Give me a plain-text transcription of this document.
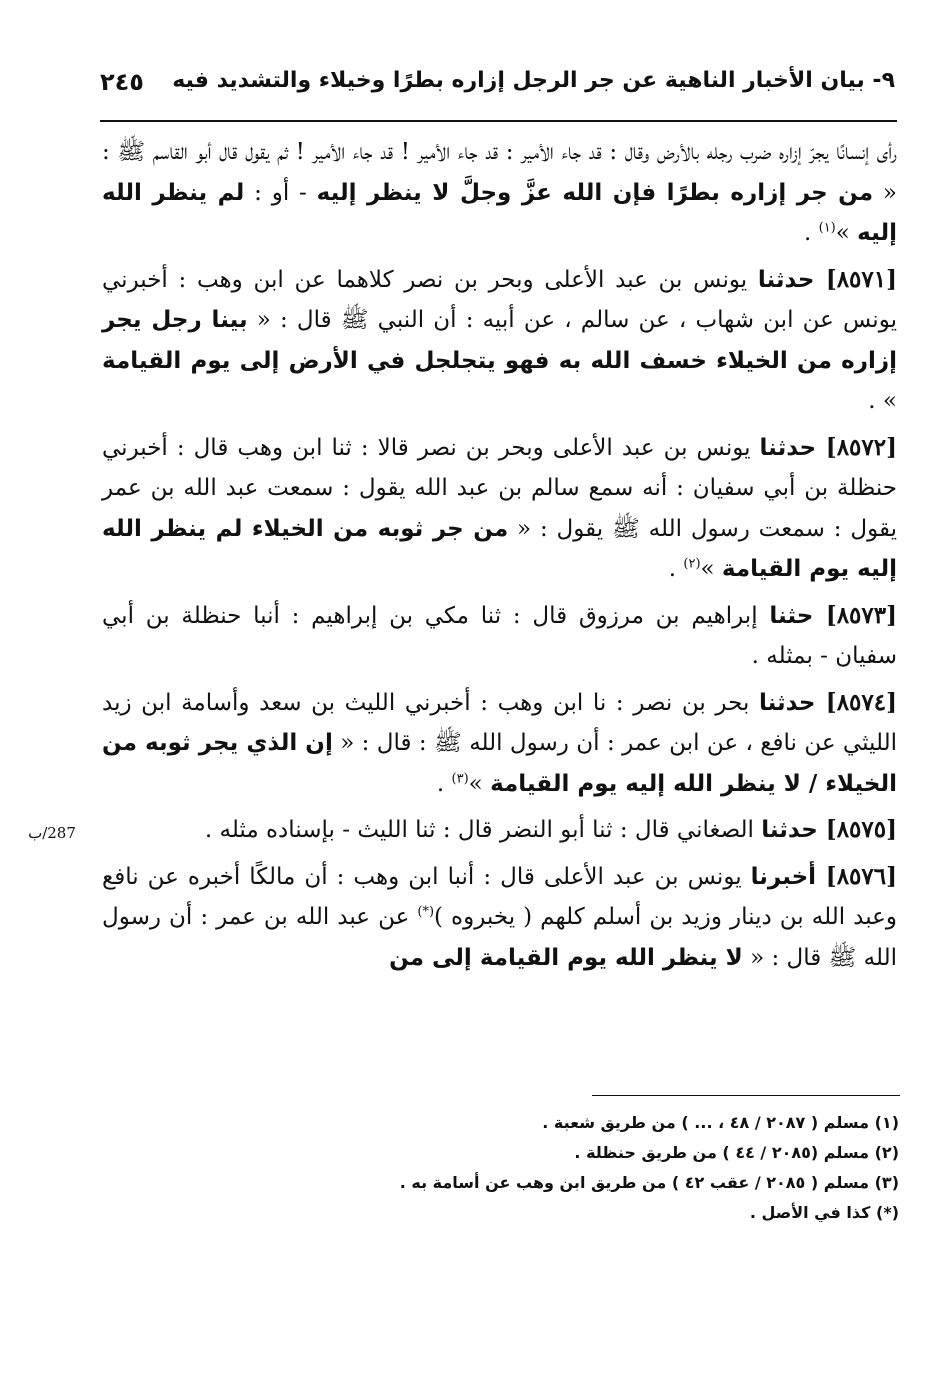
٩- بيان الأخبار الناهية عن جر الرجل إزاره بطرًا وخيلاء والتشديد فيه
٢٤٥

رأى إنسانًا يجرّ إزاره ضرب رجله بالأرض وقال : قد جاء الأمير : قد جاء الأمير ! قد جاء الأمير ! ثم يقول قال أبو القاسم ﷺ : « من جر إزاره بطرًا فإن الله عزَّ وجلَّ لا ينظر إليه - أو : لم ينظر الله إليه »$^{(١)}$ .

[٨٥٧١] حدثنا يونس بن عبد الأعلى وبحر بن نصر كلاهما عن ابن وهب : أخبرني يونس عن ابن شهاب ، عن سالم ، عن أبيه : أن النبي ﷺ قال : « بينا رجل يجر إزاره من الخيلاء خسف الله به فهو يتجلجل في الأرض إلى يوم القيامة » .

[٨٥٧٢] حدثنا يونس بن عبد الأعلى وبحر بن نصر قالا : ثنا ابن وهب قال : أخبرني حنظلة بن أبي سفيان : أنه سمع سالم بن عبد الله يقول : سمعت عبد الله بن عمر يقول : سمعت رسول الله ﷺ يقول : « من جر ثوبه من الخيلاء لم ينظر الله إليه يوم القيامة »$^{(٢)}$ .

[٨٥٧٣] حثنا إبراهيم بن مرزوق قال : ثنا مكي بن إبراهيم : أنبا حنظلة بن أبي سفيان - بمثله .

[٨٥٧٤] حدثنا بحر بن نصر : نا ابن وهب : أخبرني الليث بن سعد وأسامة ابن زيد الليثي عن نافع ، عن ابن عمر : أن رسول الله ﷺ : قال : « إن الذي يجر ثوبه من الخيلاء / لا ينظر الله إليه يوم القيامة »$^{(٣)}$ .

[٨٥٧٥] حدثنا الصغاني قال : ثنا أبو النضر قال : ثنا الليث - بإسناده مثله .

[٨٥٧٦] أخبرنا يونس بن عبد الأعلى قال : أنبا ابن وهب : أن مالكًا أخبره عن نافع وعبد الله بن دينار وزيد بن أسلم كلهم ( يخبروه )(*) عن عبد الله بن عمر : أن رسول الله ﷺ قال : « لا ينظر الله يوم القيامة إلى من

287/ب
(١) مسلم ( ٢٠٨٧ / ٤٨ ، ... ) من طريق شعبة .
(٢) مسلم (٢٠٨٥ / ٤٤ ) من طريق حنظلة .
(٣) مسلم ( ٢٠٨٥ / عقب ٤٢ ) من طريق ابن وهب عن أسامة به .
(*) كذا في الأصل .
